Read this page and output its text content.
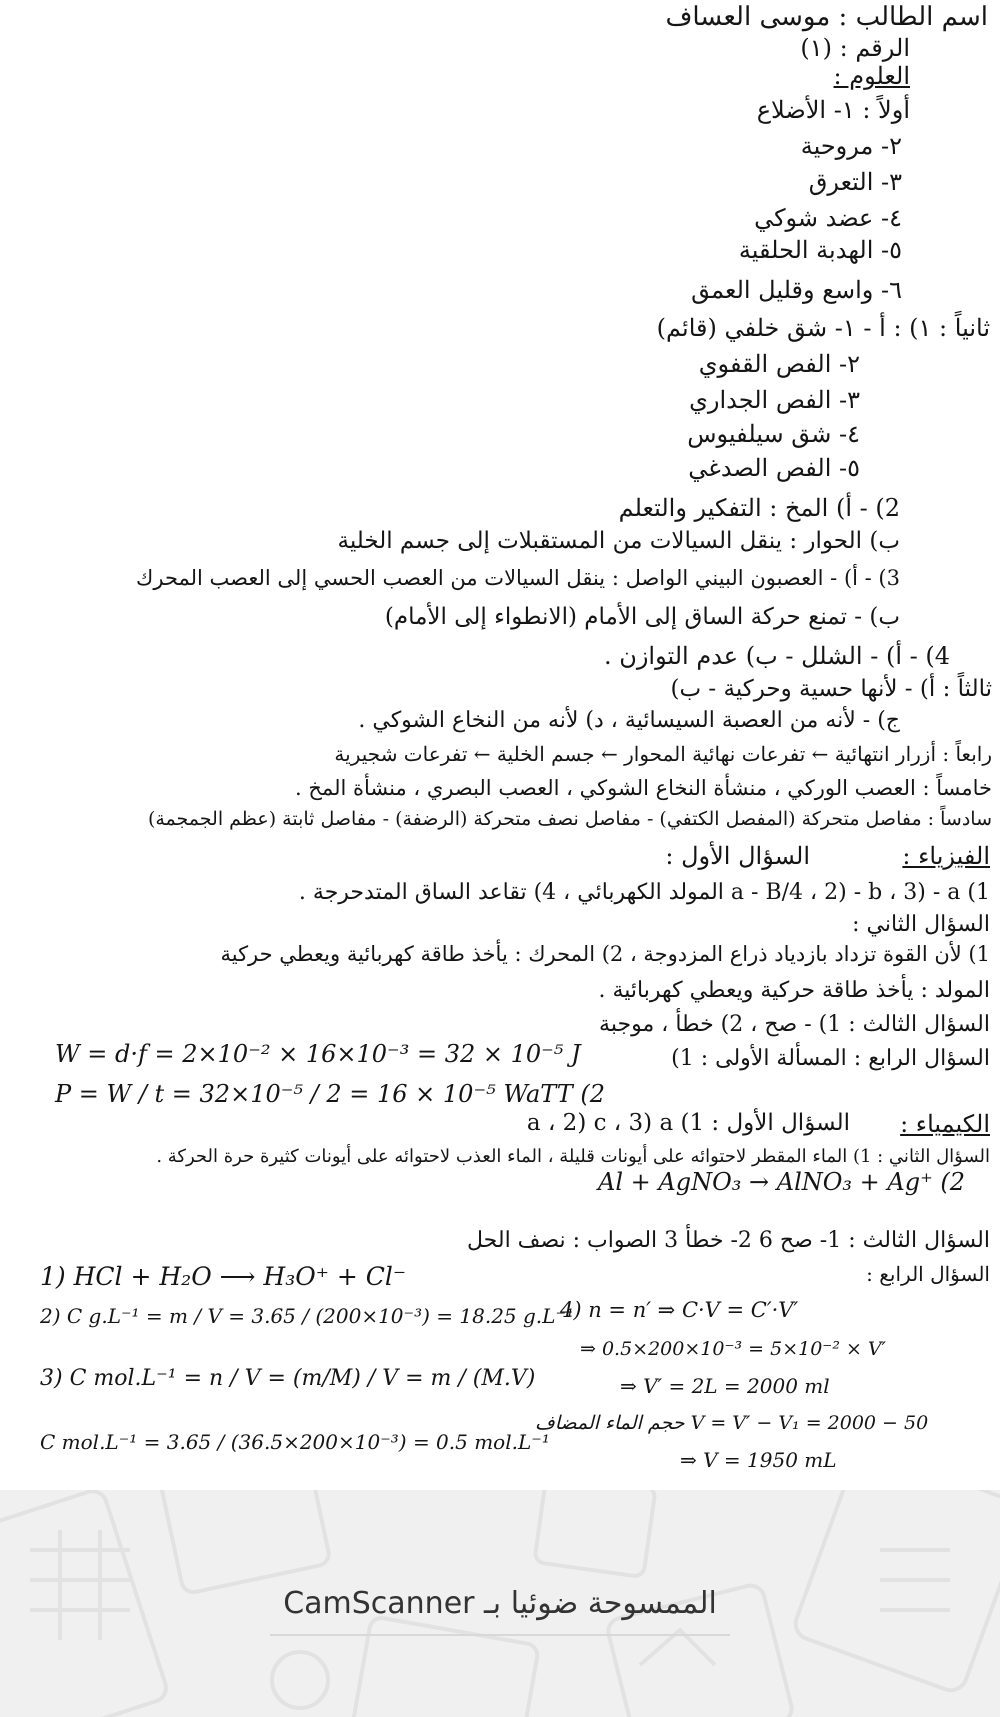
اسم الطالب : موسى العساف
الرقم : (١)
العلوم :
أولاً : ١- الأضلاع
٢- مروحية
٣- التعرق
٤- عضد شوكي
٥- الهدبة الحلقية
٦- واسع وقليل العمق
ثانياً : ١) : أ - ١- شق خلفي (قائم)
٢- الفص القفوي
٣- الفص الجداري
٤- شق سيلفيوس
٥- الفص الصدغي
2) - أ) المخ : التفكير والتعلم
ب) الحوار : ينقل السيالات من المستقبلات إلى جسم الخلية
3) - أ) - العصبون البيني الواصل : ينقل السيالات من العصب الحسي إلى العصب المحرك
ب) - تمنع حركة الساق إلى الأمام (الانطواء إلى الأمام)
4) - أ) - الشلل - ب) عدم التوازن .
ثالثاً : أ) - لأنها حسية وحركية - ب)
ج) - لأنه من العصبة السيسائية ، د) لأنه من النخاع الشوكي .
رابعاً : أزرار انتهائية ← تفرعات نهائية المحوار ← جسم الخلية ← تفرعات شجيرية
خامساً : العصب الوركي ، منشأة النخاع الشوكي ، العصب البصري ، منشأة المخ .
سادساً : مفاصل متحركة (المفصل الكتفي) - مفاصل نصف متحركة (الرضفة) - مفاصل ثابتة (عظم الجمجمة)
الفيزياء :
السؤال الأول :
1) a - B/4 ، 2) - b ، 3) - a المولد الكهربائي ، 4) تقاعد الساق المتدحرجة .
السؤال الثاني :
1) لأن القوة تزداد بازدياد ذراع المزدوجة ، 2) المحرك : يأخذ طاقة كهربائية ويعطي حركية
المولد : يأخذ طاقة حركية ويعطي كهربائية .
السؤال الثالث : 1) - صح ، 2) خطأ ، موجبة
السؤال الرابع : المسألة الأولى : 1)
W = d·f = 2×10⁻² × 16×10⁻³ = 32 × 10⁻⁵ J
P = W / t = 32×10⁻⁵ / 2 = 16 × 10⁻⁵ WaTT (2
الكيمياء :
السؤال الأول : 1) a ، 2) c ، 3) a
السؤال الثاني : 1) الماء المقطر لاحتوائه على أيونات قليلة ، الماء العذب لاحتوائه على أيونات كثيرة حرة الحركة .
Al + AgNO₃ → AlNO₃ + Ag⁺ (2
السؤال الثالث : 1- صح 6 2- خطأ 3 الصواب : نصف الحل
السؤال الرابع :
1) HCl + H₂O ⟶ H₃O⁺ + Cl⁻
2) C g.L⁻¹ = m / V = 3.65 / (200×10⁻³) = 18.25 g.L⁻¹
3) C mol.L⁻¹ = n / V = (m/M) / V = m / (M.V)
C mol.L⁻¹ = 3.65 / (36.5×200×10⁻³) = 0.5 mol.L⁻¹
4) n = n′ ⇒ C·V = C′·V′
⇒ 0.5×200×10⁻³ = 5×10⁻² × V′
⇒ V′ = 2L = 2000 ml
حجم الماء المضاف V = V′ − V₁ = 2000 − 50
⇒ V = 1950 mL
الممسوحة ضوئيا بـ CamScanner
